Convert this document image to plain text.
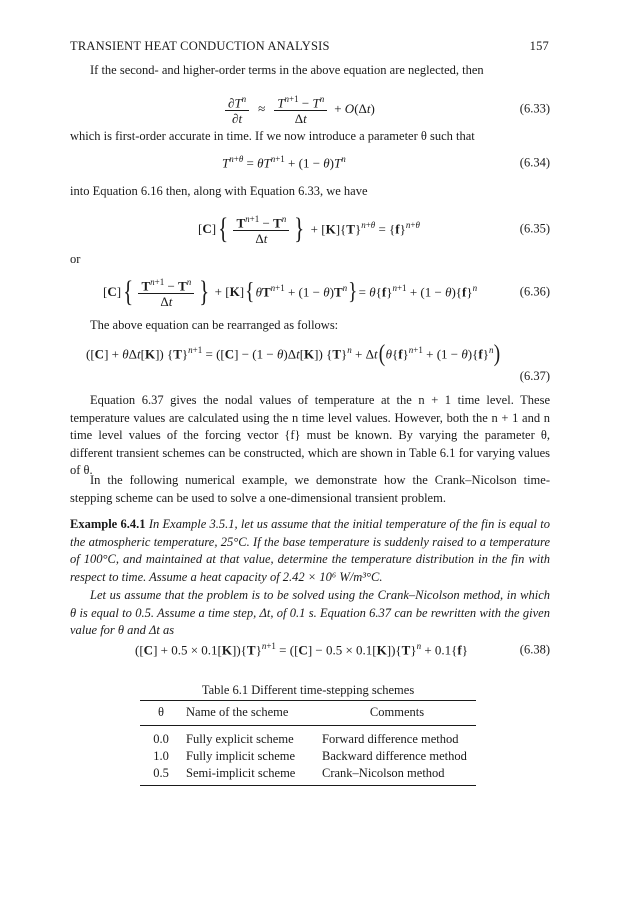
TRANSIENT HEAT CONDUCTION ANALYSIS	157
If the second- and higher-order terms in the above equation are neglected, then
$\frac{\partial T^n}{\partial t} \approx \frac{T^{n+1} - T^n}{\Delta t} + O(\Delta t)$	(6.33)
which is first-order accurate in time. If we now introduce a parameter θ such that
$T^{n+\theta} = \theta T^{n+1} + (1 - \theta)T^n$	(6.34)
into Equation 6.16 then, along with Equation 6.33, we have
[C] { $\frac{T^{n+1} - T^n}{\Delta t}$ } + $[K]\{T\}^{n+\theta} = \{f\}^{n+\theta}$	(6.35)
or
[C] { $\frac{T^{n+1} - T^n}{\Delta t}$ } + [K] { $\theta T^{n+1} + (1 - \theta)T^n$ } = $\theta\{f\}^{n+1} + (1 - \theta)\{f\}^n$	(6.36)
The above equation can be rearranged as follows:
([C] + θΔt[K]) $\{T\}^{n+1} = ([C] - (1 - \theta)\Delta t[K]) \{T\}^n + \Delta t$ ( $\theta\{f\}^{n+1} + (1 - \theta)\{f\}^n$ )
(6.37)
Equation 6.37 gives the nodal values of temperature at the n + 1 time level. These temperature values are calculated using the n time level values. However, both the n + 1 and n time level values of the forcing vector {f} must be known. By varying the parameter θ, different transient schemes can be constructed, which are shown in Table 6.1 for varying values of θ.
In the following numerical example, we demonstrate how the Crank–Nicolson time-stepping scheme can be used to solve a one-dimensional transient problem.
Example 6.4.1 In Example 3.5.1, let us assume that the initial temperature of the fin is equal to the atmospheric temperature, 25°C. If the base temperature is suddenly raised to a temperature of 100°C, and maintained at that value, determine the temperature distribution in the fin with respect to time. Assume a heat capacity of 2.42 × 10⁶ W/m³°C.
Let us assume that the problem is to be solved using the Crank–Nicolson method, in which θ is equal to 0.5. Assume a time step, Δt, of 0.1 s. Equation 6.37 can be rewritten with the given value for θ and Δt as
$([C] + 0.5 \times 0.1[K])\{T\}^{n+1} = ([C] - 0.5 \times 0.1[K])\{T\}^n + 0.1\{f\}$	(6.38)
Table 6.1 Different time-stepping schemes
θ	Name of the scheme	Comments
0.0	Fully explicit scheme	Forward difference method
1.0	Fully implicit scheme	Backward difference method
0.5	Semi-implicit scheme	Crank–Nicolson method
